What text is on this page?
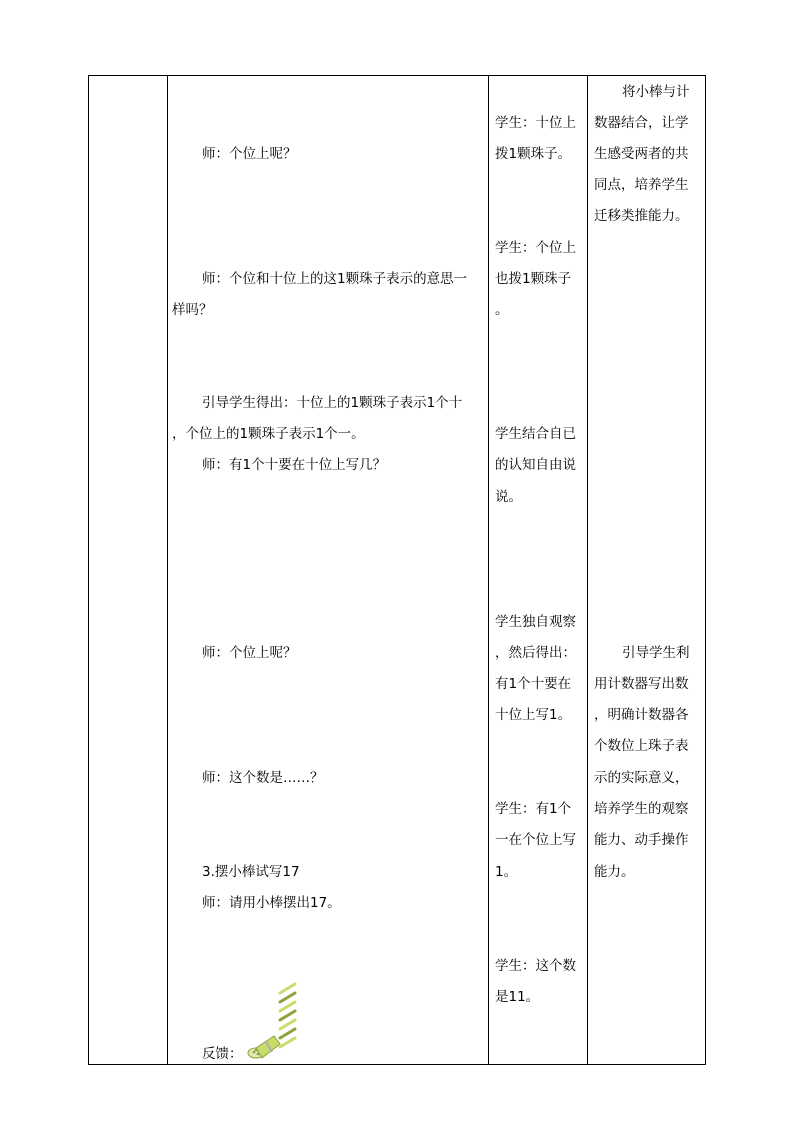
师：个位上呢？
师：个位和十位上的这1颗珠子表示的意思一
样吗？
引导学生得出：十位上的1颗珠子表示1个十
，个位上的1颗珠子表示1个一。
师：有1个十要在十位上写几？
师：个位上呢？
师：这个数是……？
3.摆小棒试写17
师：请用小棒摆出17。
反馈：
学生：十位上
拨1颗珠子。
学生：个位上
也拨1颗珠子
。
学生结合自已
的认知自由说
说。
学生独自观察
，然后得出：
有1个十要在
十位上写1。
学生：有1个
一在个位上写
1。
学生：这个数
是11。
将小棒与计
数器结合，让学
生感受两者的共
同点，培养学生
迁移类推能力。
引导学生利
用计数器写出数
，明确计数器各
个数位上珠子表
示的实际意义，
培养学生的观察
能力、动手操作
能力。
